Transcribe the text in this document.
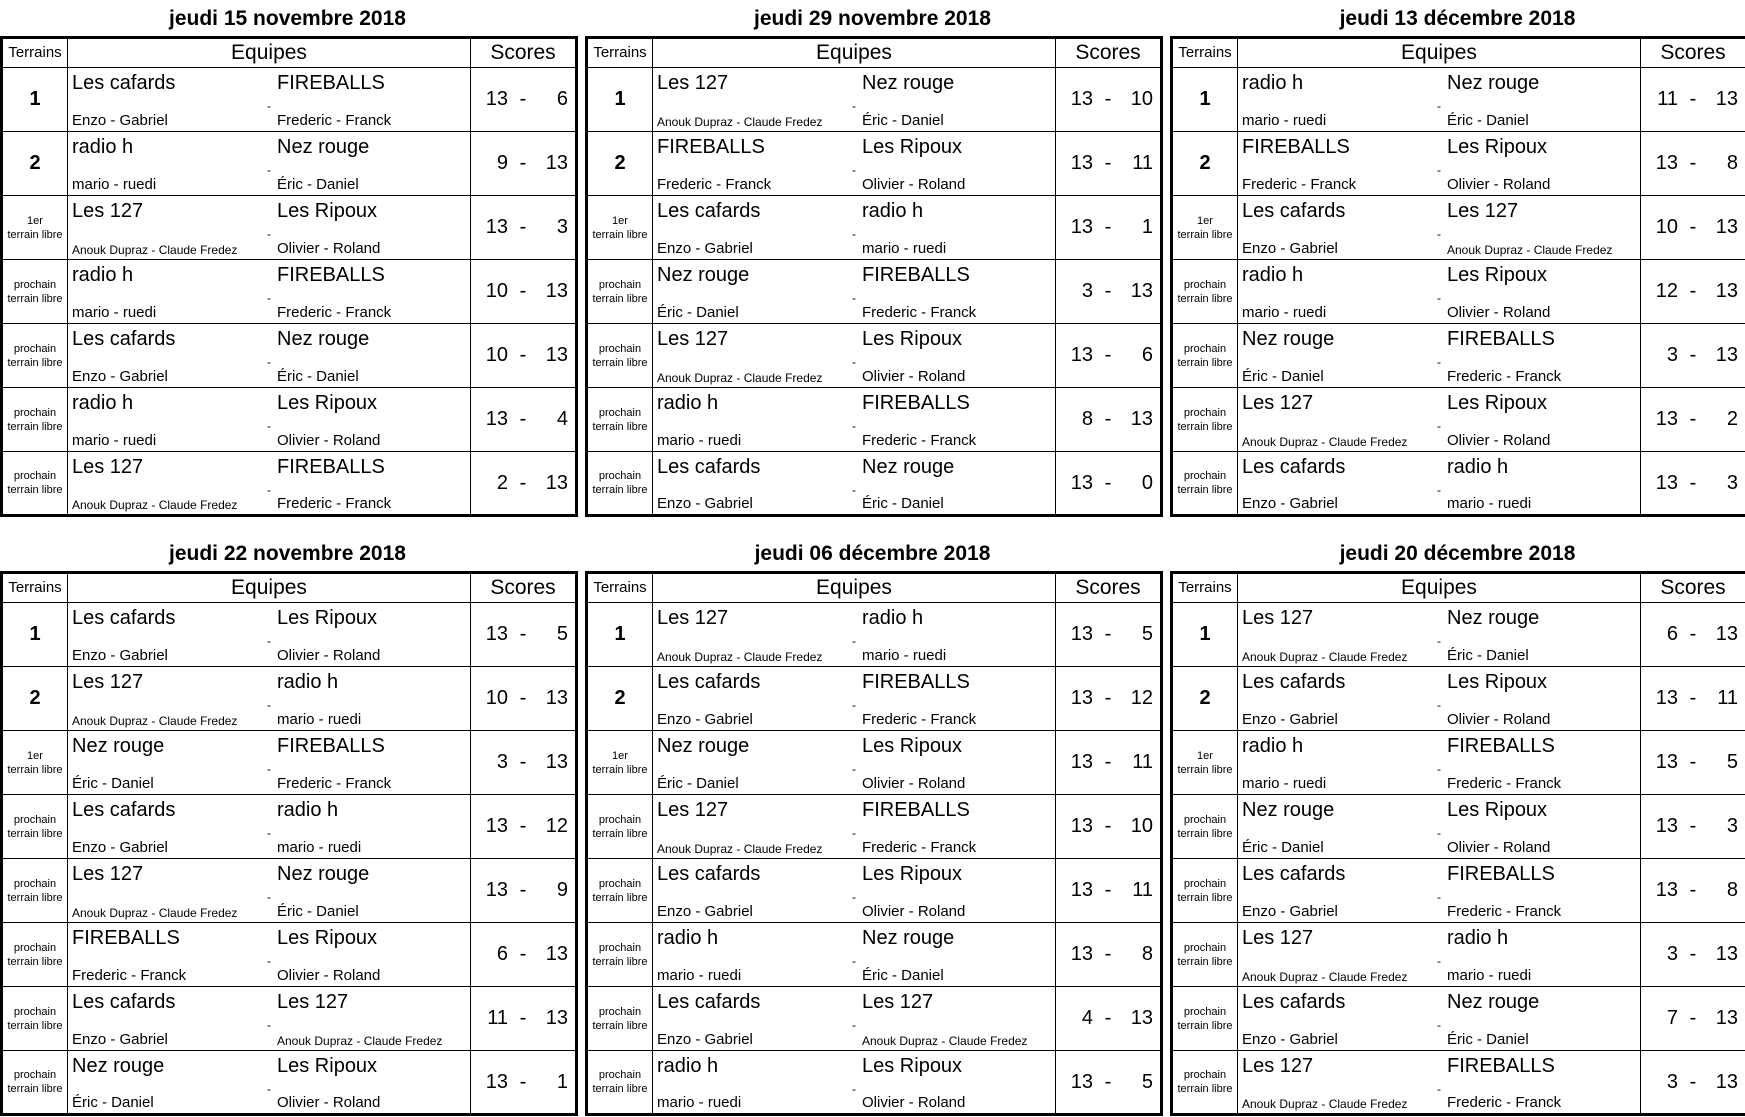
jeudi 15 novembre 2018
Terrains	Equipes	Scores
1	Les cafards
Enzo - Gabriel
-
FIREBALLS
Frederic - Franck	13 - 6
2	radio h
mario - ruedi
-
Nez rouge
Éric - Daniel	9 - 13

1er
terrain libre	Les 127
Anouk Dupraz - Claude Fredez
-
Les Ripoux
Olivier - Roland	13 - 3

prochain
terrain libre	radio h
mario - ruedi
-
FIREBALLS
Frederic - Franck	10 - 13

prochain
terrain libre	Les cafards
Enzo - Gabriel
-
Nez rouge
Éric - Daniel	10 - 13

prochain
terrain libre	radio h
mario - ruedi
-
Les Ripoux
Olivier - Roland	13 - 4

prochain
terrain libre	Les 127
Anouk Dupraz - Claude Fredez
-
FIREBALLS
Frederic - Franck	2 - 13
jeudi 29 novembre 2018
Terrains	Equipes	Scores
1	Les 127
Anouk Dupraz - Claude Fredez
-
Nez rouge
Éric - Daniel	13 - 10
2	FIREBALLS
Frederic - Franck
-
Les Ripoux
Olivier - Roland	13 - 11

1er
terrain libre	Les cafards
Enzo - Gabriel
-
radio h
mario - ruedi	13 - 1

prochain
terrain libre	Nez rouge
Éric - Daniel
-
FIREBALLS
Frederic - Franck	3 - 13

prochain
terrain libre	Les 127
Anouk Dupraz - Claude Fredez
-
Les Ripoux
Olivier - Roland	13 - 6

prochain
terrain libre	radio h
mario - ruedi
-
FIREBALLS
Frederic - Franck	8 - 13

prochain
terrain libre	Les cafards
Enzo - Gabriel
-
Nez rouge
Éric - Daniel	13 - 0
jeudi 13 décembre 2018
Terrains	Equipes	Scores
1	radio h
mario - ruedi
-
Nez rouge
Éric - Daniel	11 - 13
2	FIREBALLS
Frederic - Franck
-
Les Ripoux
Olivier - Roland	13 - 8

1er
terrain libre	Les cafards
Enzo - Gabriel
-
Les 127
Anouk Dupraz - Claude Fredez	10 - 13

prochain
terrain libre	radio h
mario - ruedi
-
Les Ripoux
Olivier - Roland	12 - 13

prochain
terrain libre	Nez rouge
Éric - Daniel
-
FIREBALLS
Frederic - Franck	3 - 13

prochain
terrain libre	Les 127
Anouk Dupraz - Claude Fredez
-
Les Ripoux
Olivier - Roland	13 - 2

prochain
terrain libre	Les cafards
Enzo - Gabriel
-
radio h
mario - ruedi	13 - 3
jeudi 22 novembre 2018
Terrains	Equipes	Scores
1	Les cafards
Enzo - Gabriel
-
Les Ripoux
Olivier - Roland	13 - 5
2	Les 127
Anouk Dupraz - Claude Fredez
-
radio h
mario - ruedi	10 - 13

1er
terrain libre	Nez rouge
Éric - Daniel
-
FIREBALLS
Frederic - Franck	3 - 13

prochain
terrain libre	Les cafards
Enzo - Gabriel
-
radio h
mario - ruedi	13 - 12

prochain
terrain libre	Les 127
Anouk Dupraz - Claude Fredez
-
Nez rouge
Éric - Daniel	13 - 9

prochain
terrain libre	FIREBALLS
Frederic - Franck
-
Les Ripoux
Olivier - Roland	6 - 13

prochain
terrain libre	Les cafards
Enzo - Gabriel
-
Les 127
Anouk Dupraz - Claude Fredez	11 - 13

prochain
terrain libre	Nez rouge
Éric - Daniel
-
Les Ripoux
Olivier - Roland	13 - 1
jeudi 06 décembre 2018
Terrains	Equipes	Scores
1	Les 127
Anouk Dupraz - Claude Fredez
-
radio h
mario - ruedi	13 - 5
2	Les cafards
Enzo - Gabriel
-
FIREBALLS
Frederic - Franck	13 - 12

1er
terrain libre	Nez rouge
Éric - Daniel
-
Les Ripoux
Olivier - Roland	13 - 11

prochain
terrain libre	Les 127
Anouk Dupraz - Claude Fredez
-
FIREBALLS
Frederic - Franck	13 - 10

prochain
terrain libre	Les cafards
Enzo - Gabriel
-
Les Ripoux
Olivier - Roland	13 - 11

prochain
terrain libre	radio h
mario - ruedi
-
Nez rouge
Éric - Daniel	13 - 8

prochain
terrain libre	Les cafards
Enzo - Gabriel
-
Les 127
Anouk Dupraz - Claude Fredez	4 - 13

prochain
terrain libre	radio h
mario - ruedi
-
Les Ripoux
Olivier - Roland	13 - 5
jeudi 20 décembre 2018
Terrains	Equipes	Scores
1	Les 127
Anouk Dupraz - Claude Fredez
-
Nez rouge
Éric - Daniel	6 - 13
2	Les cafards
Enzo - Gabriel
-
Les Ripoux
Olivier - Roland	13 - 11

1er
terrain libre	radio h
mario - ruedi
-
FIREBALLS
Frederic - Franck	13 - 5

prochain
terrain libre	Nez rouge
Éric - Daniel
-
Les Ripoux
Olivier - Roland	13 - 3

prochain
terrain libre	Les cafards
Enzo - Gabriel
-
FIREBALLS
Frederic - Franck	13 - 8

prochain
terrain libre	Les 127
Anouk Dupraz - Claude Fredez
-
radio h
mario - ruedi	3 - 13

prochain
terrain libre	Les cafards
Enzo - Gabriel
-
Nez rouge
Éric - Daniel	7 - 13

prochain
terrain libre	Les 127
Anouk Dupraz - Claude Fredez
-
FIREBALLS
Frederic - Franck	3 - 13
